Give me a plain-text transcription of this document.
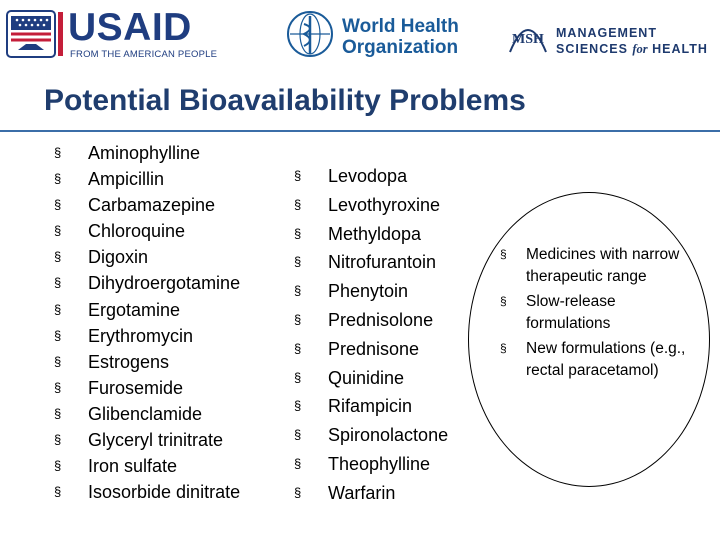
USAID
FROM THE AMERICAN PEOPLE
World Health
Organization	MSH MANAGEMENT
SCIENCES for HEALTH
Potential Bioavailability Problems
§ Aminophylline
§ Ampicillin
§ Carbamazepine
§ Chloroquine
§ Digoxin
§ Dihydroergotamine
§ Ergotamine
§ Erythromycin
§ Estrogens
§ Furosemide
§ Glibenclamide
§ Glyceryl trinitrate
§ Iron sulfate
§ Isosorbide dinitrate
§ Levodopa
§ Levothyroxine
§ Methyldopa
§ Nitrofurantoin
§ Phenytoin
§ Prednisolone
§ Prednisone
§ Quinidine
§ Rifampicin
§ Spironolactone
§ Theophylline
§ Warfarin
§ Medicines with narrow therapeutic range
§ Slow-release formulations
§ New formulations (e.g., rectal paracetamol)
